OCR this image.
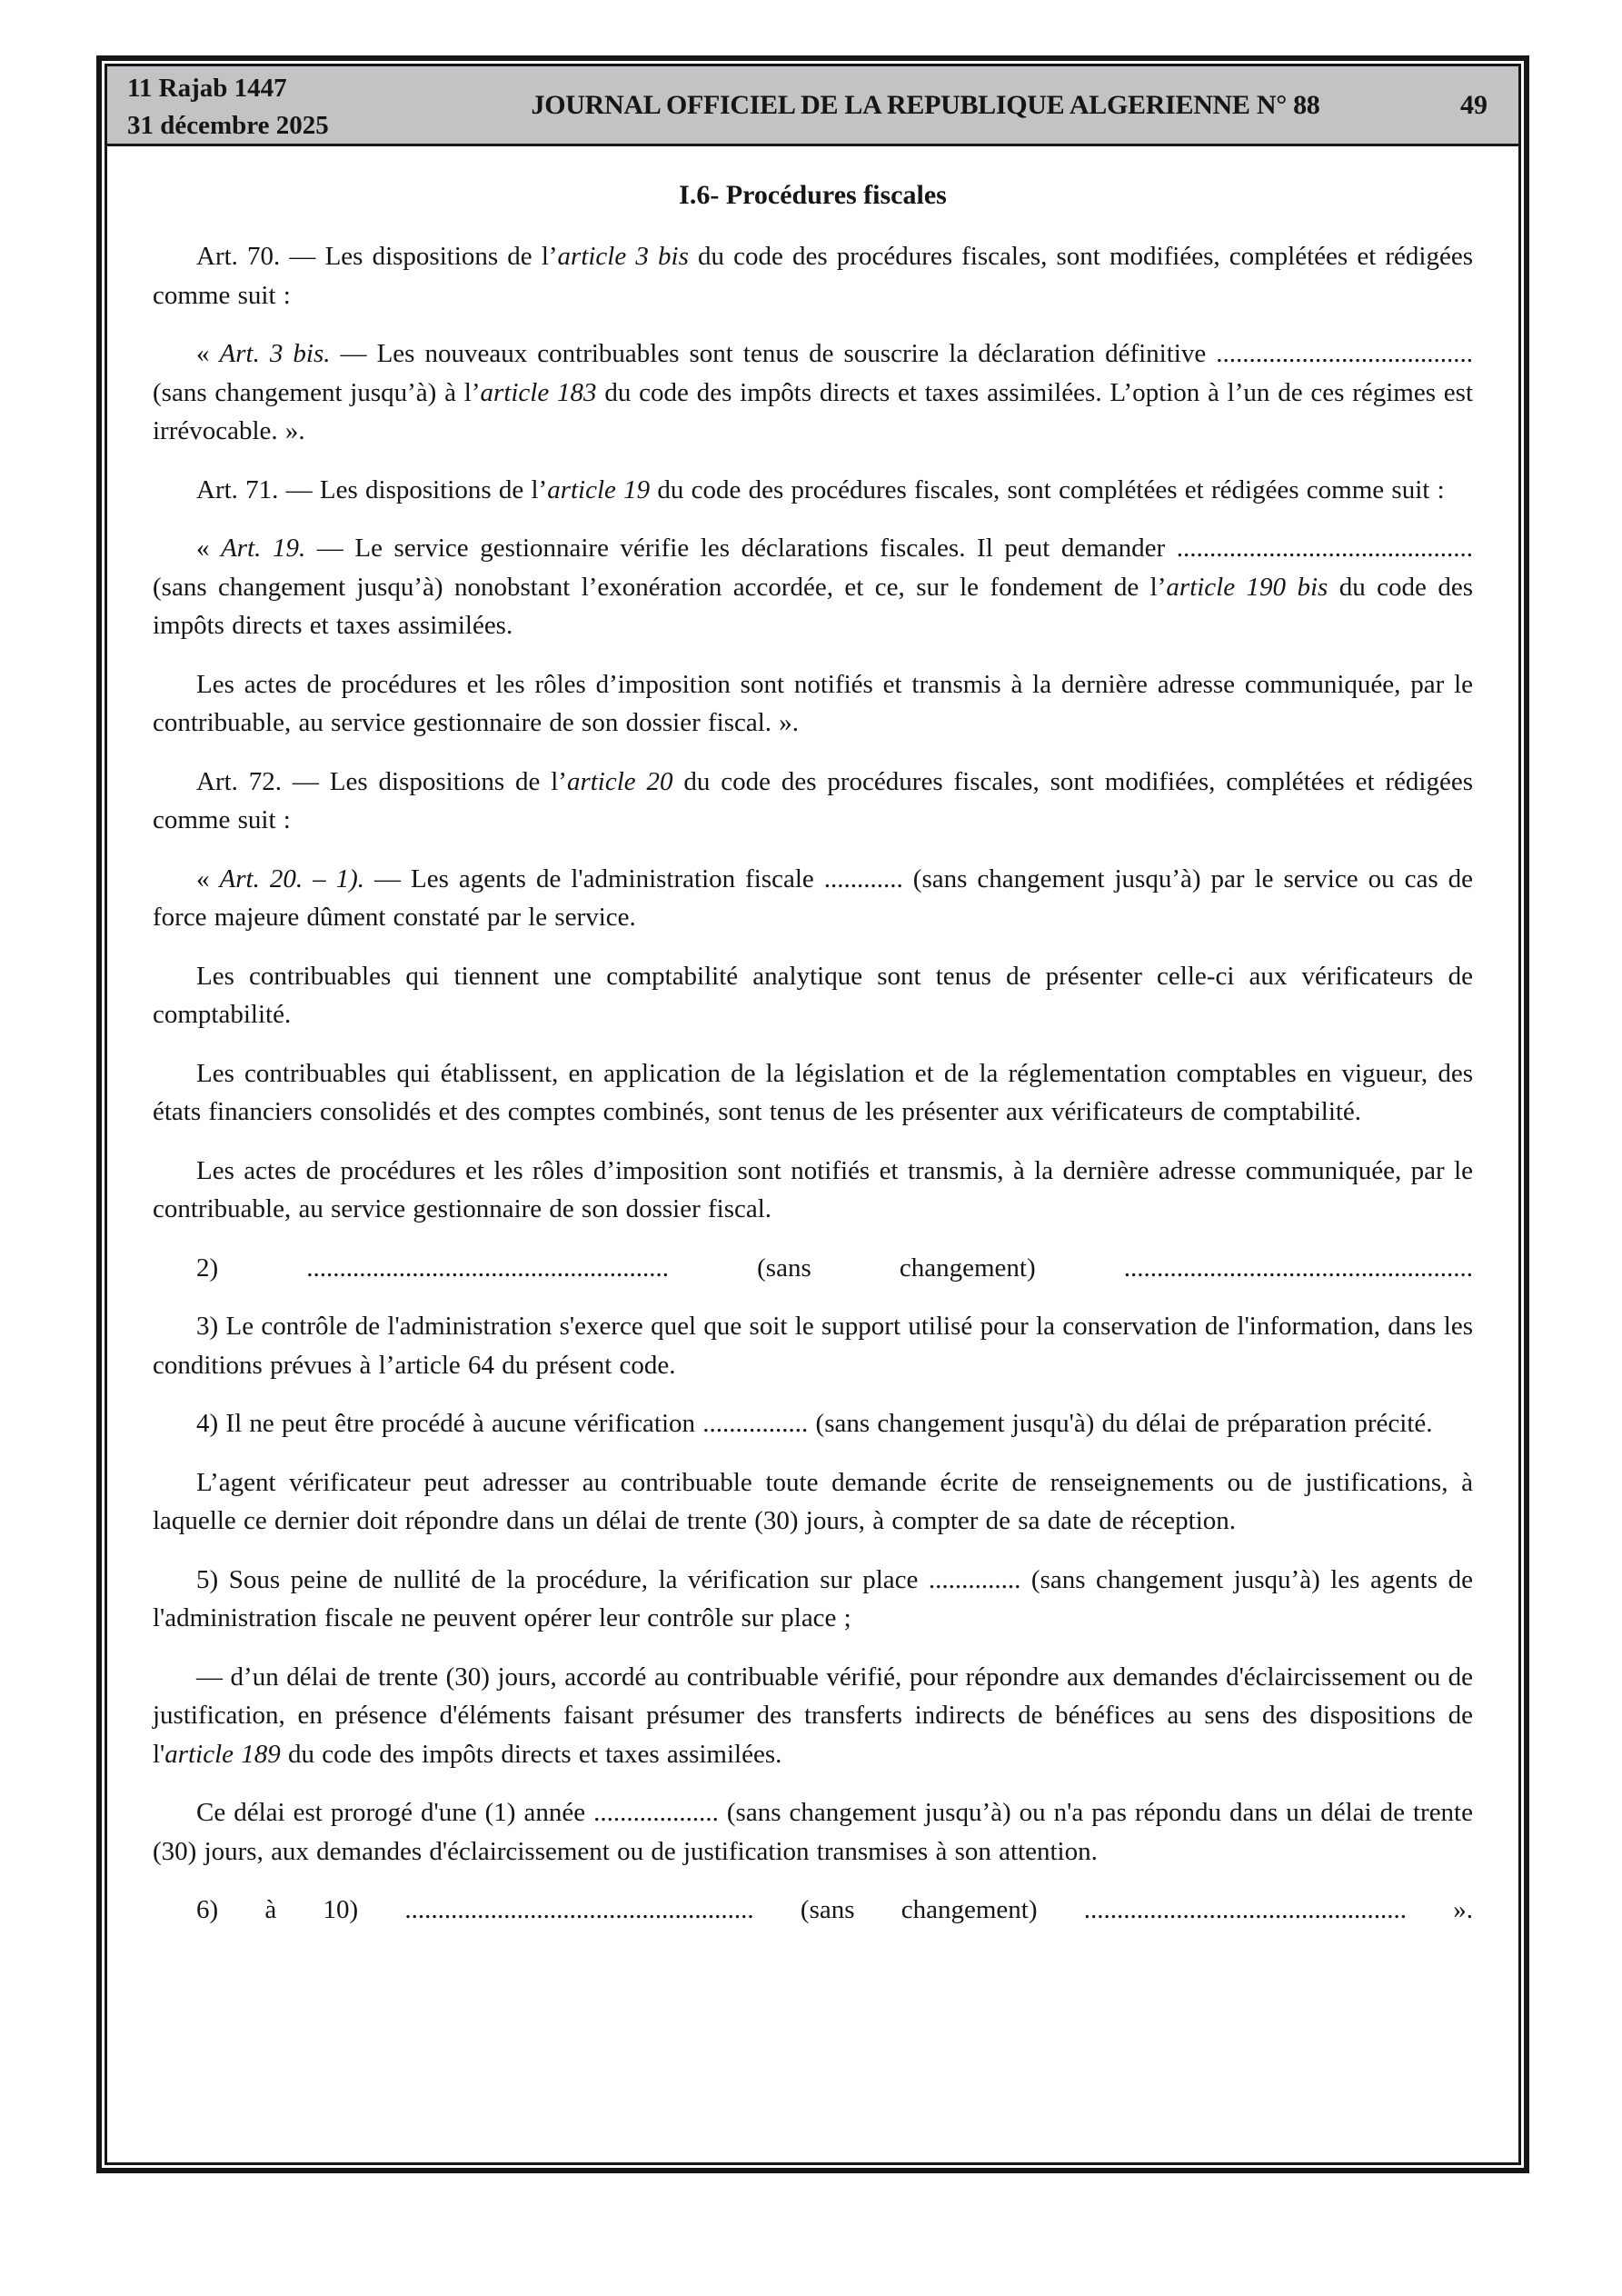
11 Rajab 1447
31 décembre 2025
JOURNAL OFFICIEL DE LA REPUBLIQUE ALGERIENNE N° 88	49
I.6- Procédures fiscales

Art. 70. — Les dispositions de l’article 3 bis du code des procédures fiscales, sont modifiées, complétées et rédigées comme suit :

« Art. 3 bis. — Les nouveaux contribuables sont tenus de souscrire la déclaration définitive ....................................... (sans changement jusqu’à) à l’article 183 du code des impôts directs et taxes assimilées. L’option à l’un de ces régimes est irrévocable. ».

Art. 71. — Les dispositions de l’article 19 du code des procédures fiscales, sont complétées et rédigées comme suit :

« Art. 19. — Le service gestionnaire vérifie les déclarations fiscales. Il peut demander ............................................. (sans changement jusqu’à) nonobstant l’exonération accordée, et ce, sur le fondement de l’article 190 bis du code des impôts directs et taxes assimilées.

Les actes de procédures et les rôles d’imposition sont notifiés et transmis à la dernière adresse communiquée, par le contribuable, au service gestionnaire de son dossier fiscal. ».

Art. 72. — Les dispositions de l’article 20 du code des procédures fiscales, sont modifiées, complétées et rédigées comme suit :

« Art. 20. – 1). — Les agents de l'administration fiscale ............ (sans changement jusqu’à) par le service ou cas de force majeure dûment constaté par le service.

Les contribuables qui tiennent une comptabilité analytique sont tenus de présenter celle-ci aux vérificateurs de comptabilité.

Les contribuables qui établissent, en application de la législation et de la réglementation comptables en vigueur, des états financiers consolidés et des comptes combinés, sont tenus de les présenter aux vérificateurs de comptabilité.

Les actes de procédures et les rôles d’imposition sont notifiés et transmis, à la dernière adresse communiquée, par le contribuable, au service gestionnaire de son dossier fiscal.

2) ....................................................... (sans changement) .....................................................

3) Le contrôle de l'administration s'exerce quel que soit le support utilisé pour la conservation de l'information, dans les conditions prévues à l’article 64 du présent code.

4) Il ne peut être procédé à aucune vérification ................ (sans changement jusqu'à) du délai de préparation précité.

L’agent vérificateur peut adresser au contribuable toute demande écrite de renseignements ou de justifications, à laquelle ce dernier doit répondre dans un délai de trente (30) jours, à compter de sa date de réception.

5) Sous peine de nullité de la procédure, la vérification sur place .............. (sans changement jusqu’à) les agents de l'administration fiscale ne peuvent opérer leur contrôle sur place ;

— d’un délai de trente (30) jours, accordé au contribuable vérifié, pour répondre aux demandes d'éclaircissement ou de justification, en présence d'éléments faisant présumer des transferts indirects de bénéfices au sens des dispositions de l'article 189 du code des impôts directs et taxes assimilées.

Ce délai est prorogé d'une (1) année ................... (sans changement jusqu’à) ou n'a pas répondu dans un délai de trente (30) jours, aux demandes d'éclaircissement ou de justification transmises à son attention.

6) à 10) ..................................................... (sans changement) ................................................. ».
